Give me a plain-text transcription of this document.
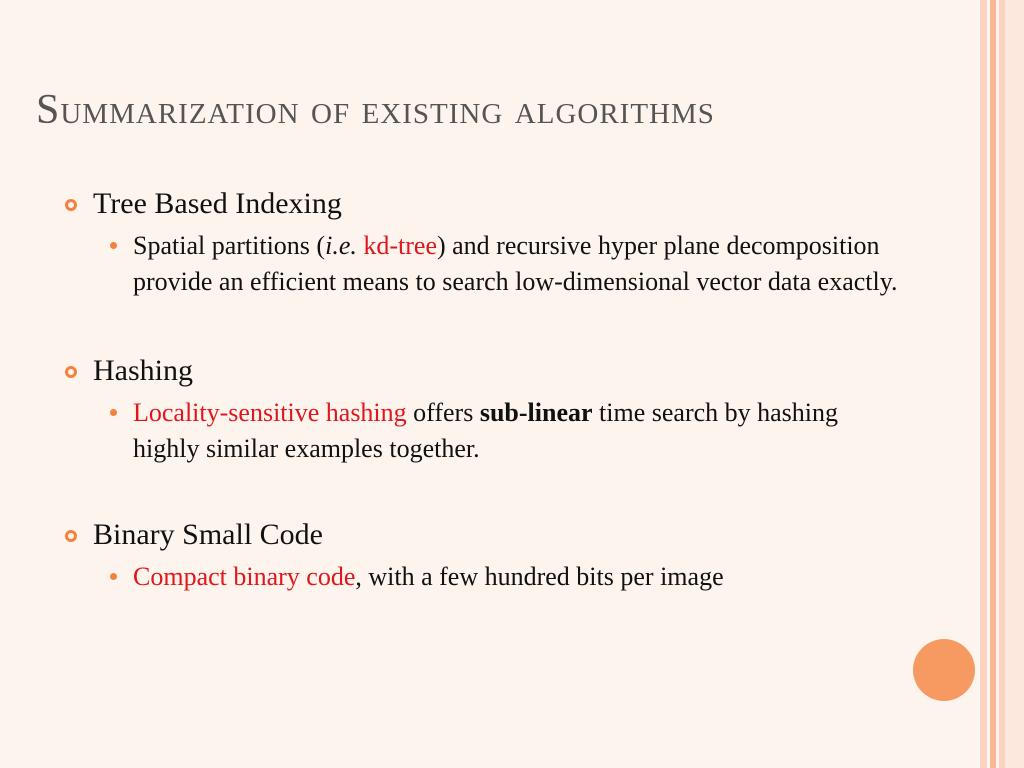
Summarization of existing algorithms
Tree Based Indexing
Spatial partitions (i.e. kd-tree) and recursive hyper plane decomposition provide an efficient means to search low-dimensional vector data exactly.
Hashing
Locality-sensitive hashing offers sub-linear time search by hashing highly similar examples together.
Binary Small Code
Compact binary code, with a few hundred bits per image
